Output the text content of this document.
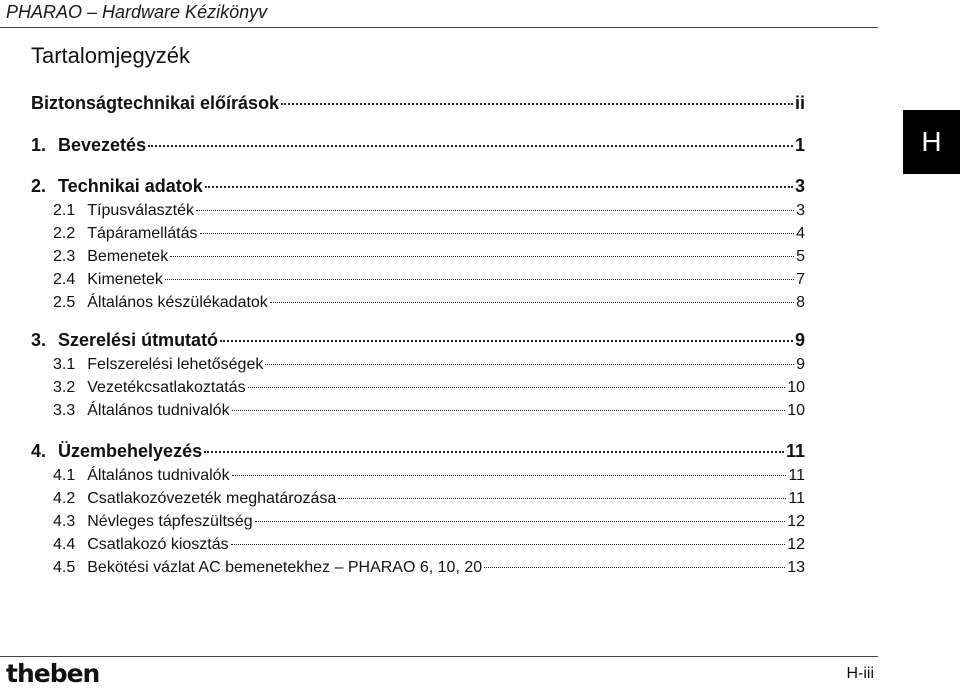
PHARAO – Hardware Kézikönyv
H
Tartalomjegyzék
Biztonságtechnikai előírások	ii
1. Bevezetés	1
2. Technikai adatok	3
2.1 Típusválaszték	3
2.2 Tápáramellátás	4
2.3 Bemenetek	5
2.4 Kimenetek	7
2.5 Általános készülékadatok	8
3. Szerelési útmutató	9
3.1 Felszerelési lehetőségek	9
3.2 Vezetékcsatlakoztatás	10
3.3 Általános tudnivalók	10
4. Üzembehelyezés	11
4.1 Általános tudnivalók	11
4.2 Csatlakozóvezeték meghatározása	11
4.3 Névleges tápfeszültség	12
4.4 Csatlakozó kiosztás	12
4.5 Bekötési vázlat AC bemenetekhez – PHARAO 6, 10, 20	13
theben	H-iii
